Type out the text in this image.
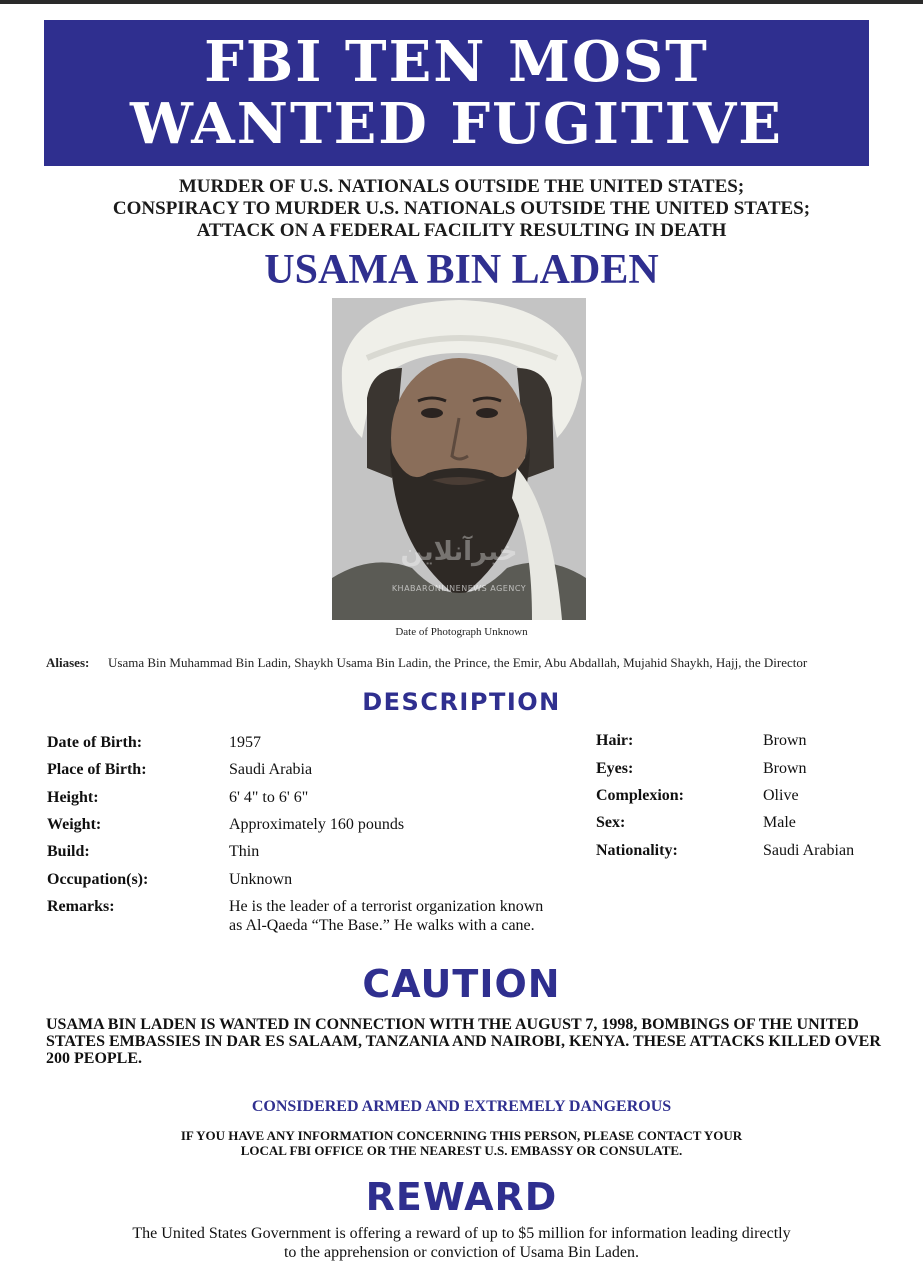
FBI TEN MOST
WANTED FUGITIVE
MURDER OF U.S. NATIONALS OUTSIDE THE UNITED STATES;
CONSPIRACY TO MURDER U.S. NATIONALS OUTSIDE THE UNITED STATES;
ATTACK ON A FEDERAL FACILITY RESULTING IN DEATH
USAMA BIN LADEN
خبرآنلاین
KHABARONLINENEWS AGENCY
Date of Photograph Unknown
Aliases: Usama Bin Muhammad Bin Ladin, Shaykh Usama Bin Ladin, the Prince, the Emir, Abu Abdallah, Mujahid Shaykh, Hajj, the Director
DESCRIPTION
Date of Birth:	1957
Place of Birth:	Saudi Arabia
Height:	6' 4" to 6' 6"
Weight:	Approximately 160 pounds
Build:	Thin
Occupation(s):	Unknown
Remarks:	He is the leader of a terrorist organization known as Al-Qaeda “The Base.” He walks with a cane.
Hair:	Brown
Eyes:	Brown
Complexion:	Olive
Sex:	Male
Nationality:	Saudi Arabian
CAUTION
USAMA BIN LADEN IS WANTED IN CONNECTION WITH THE AUGUST 7, 1998, BOMBINGS OF THE UNITED STATES EMBASSIES IN DAR ES SALAAM, TANZANIA AND NAIROBI, KENYA. THESE ATTACKS KILLED OVER 200 PEOPLE.
CONSIDERED ARMED AND EXTREMELY DANGEROUS
IF YOU HAVE ANY INFORMATION CONCERNING THIS PERSON, PLEASE CONTACT YOUR
LOCAL FBI OFFICE OR THE NEAREST U.S. EMBASSY OR CONSULATE.
REWARD
The United States Government is offering a reward of up to $5 million for information leading directly
to the apprehension or conviction of Usama Bin Laden.
